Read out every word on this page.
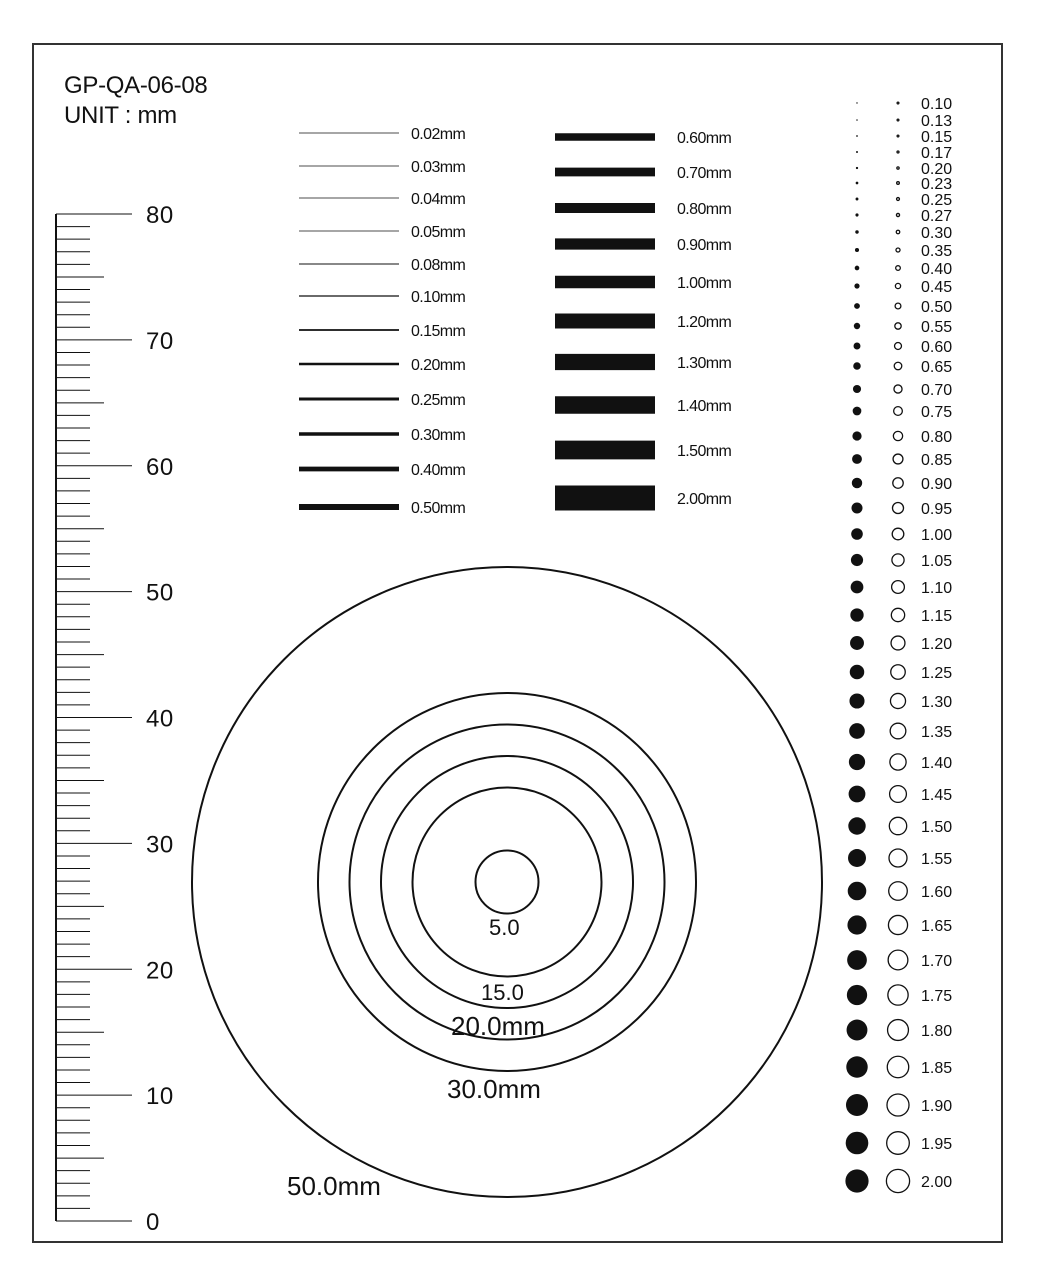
GP-QA-06-08
UNIT : mm
80
70
60
50
40
30
20
10
0
0.02mm
0.03mm
0.04mm
0.05mm
0.08mm
0.10mm
0.15mm
0.20mm
0.25mm
0.30mm
0.40mm
0.50mm
0.60mm
0.70mm
0.80mm
0.90mm
1.00mm
1.20mm
1.30mm
1.40mm
1.50mm
2.00mm
50.0mm
30.0mm
20.0mm
15.0
5.0
0.10
0.13
0.15
0.17
0.20
0.23
0.25
0.27
0.30
0.35
0.40
0.45
0.50
0.55
0.60
0.65
0.70
0.75
0.80
0.85
0.90
0.95
1.00
1.05
1.10
1.15
1.20
1.25
1.30
1.35
1.40
1.45
1.50
1.55
1.60
1.65
1.70
1.75
1.80
1.85
1.90
1.95
2.00
